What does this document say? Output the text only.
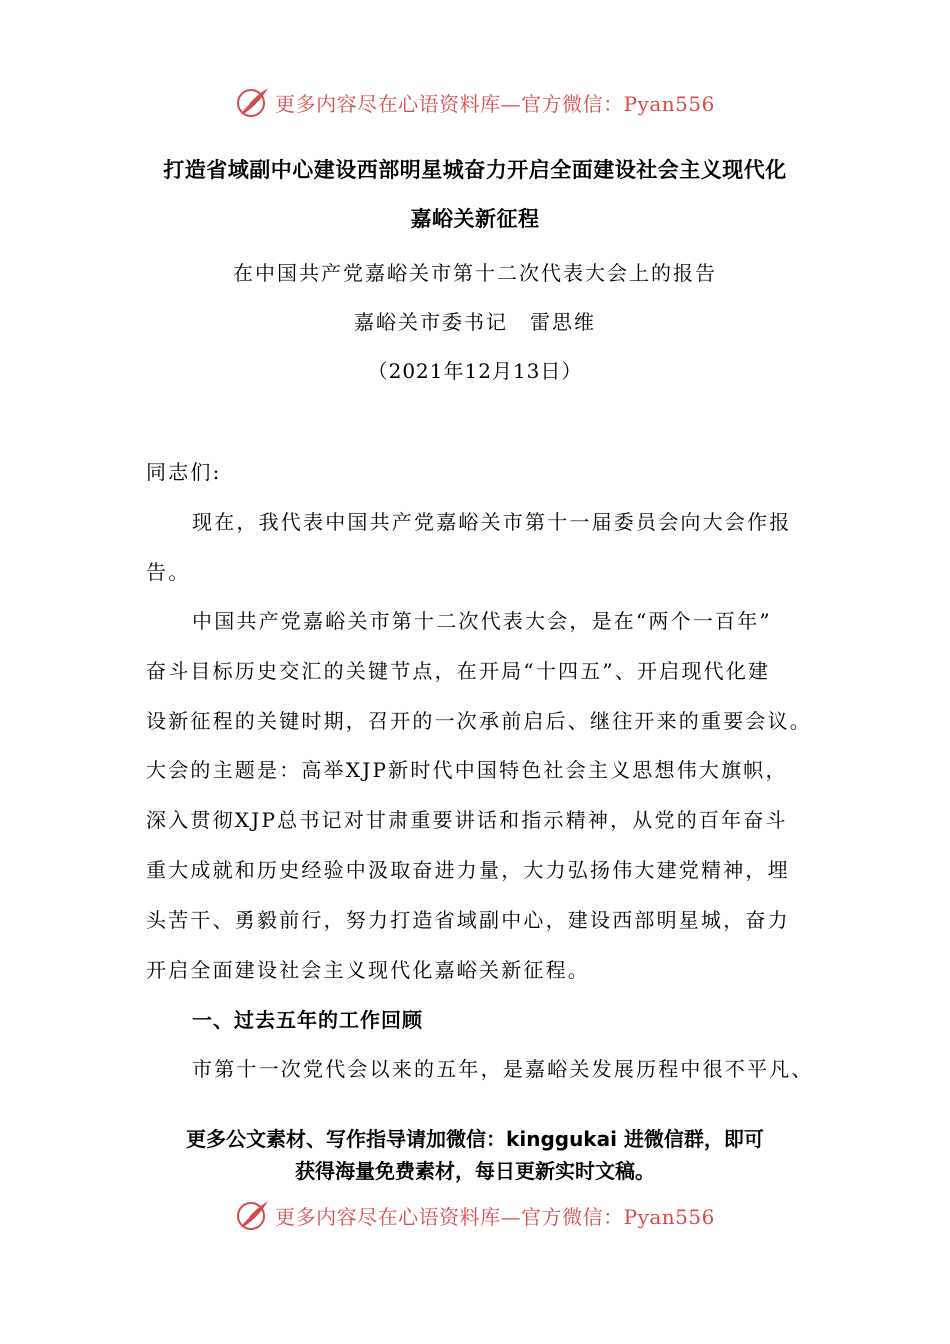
更多内容尽在心语资料库—官方微信：Pyan556
打造省域副中心建设西部明星城奋力开启全面建设社会主义现代化
嘉峪关新征程
在中国共产党嘉峪关市第十二次代表大会上的报告
嘉峪关市委书记　雷思维
（2021年12月13日）
同志们:
现在，我代表中国共产党嘉峪关市第十一届委员会向大会作报
告。
中国共产党嘉峪关市第十二次代表大会，是在“两个一百年”
奋斗目标历史交汇的关键节点，在开局“十四五”、开启现代化建
设新征程的关键时期，召开的一次承前启后、继往开来的重要会议。
大会的主题是：高举XJP新时代中国特色社会主义思想伟大旗帜，
深入贯彻XJP总书记对甘肃重要讲话和指示精神，从党的百年奋斗
重大成就和历史经验中汲取奋进力量，大力弘扬伟大建党精神，埋
头苦干、勇毅前行，努力打造省域副中心，建设西部明星城，奋力
开启全面建设社会主义现代化嘉峪关新征程。
一、过去五年的工作回顾
市第十一次党代会以来的五年，是嘉峪关发展历程中很不平凡、
更多公文素材、写作指导请加微信：kinggukai 进微信群，即可
获得海量免费素材，每日更新实时文稿。
更多内容尽在心语资料库—官方微信：Pyan556
